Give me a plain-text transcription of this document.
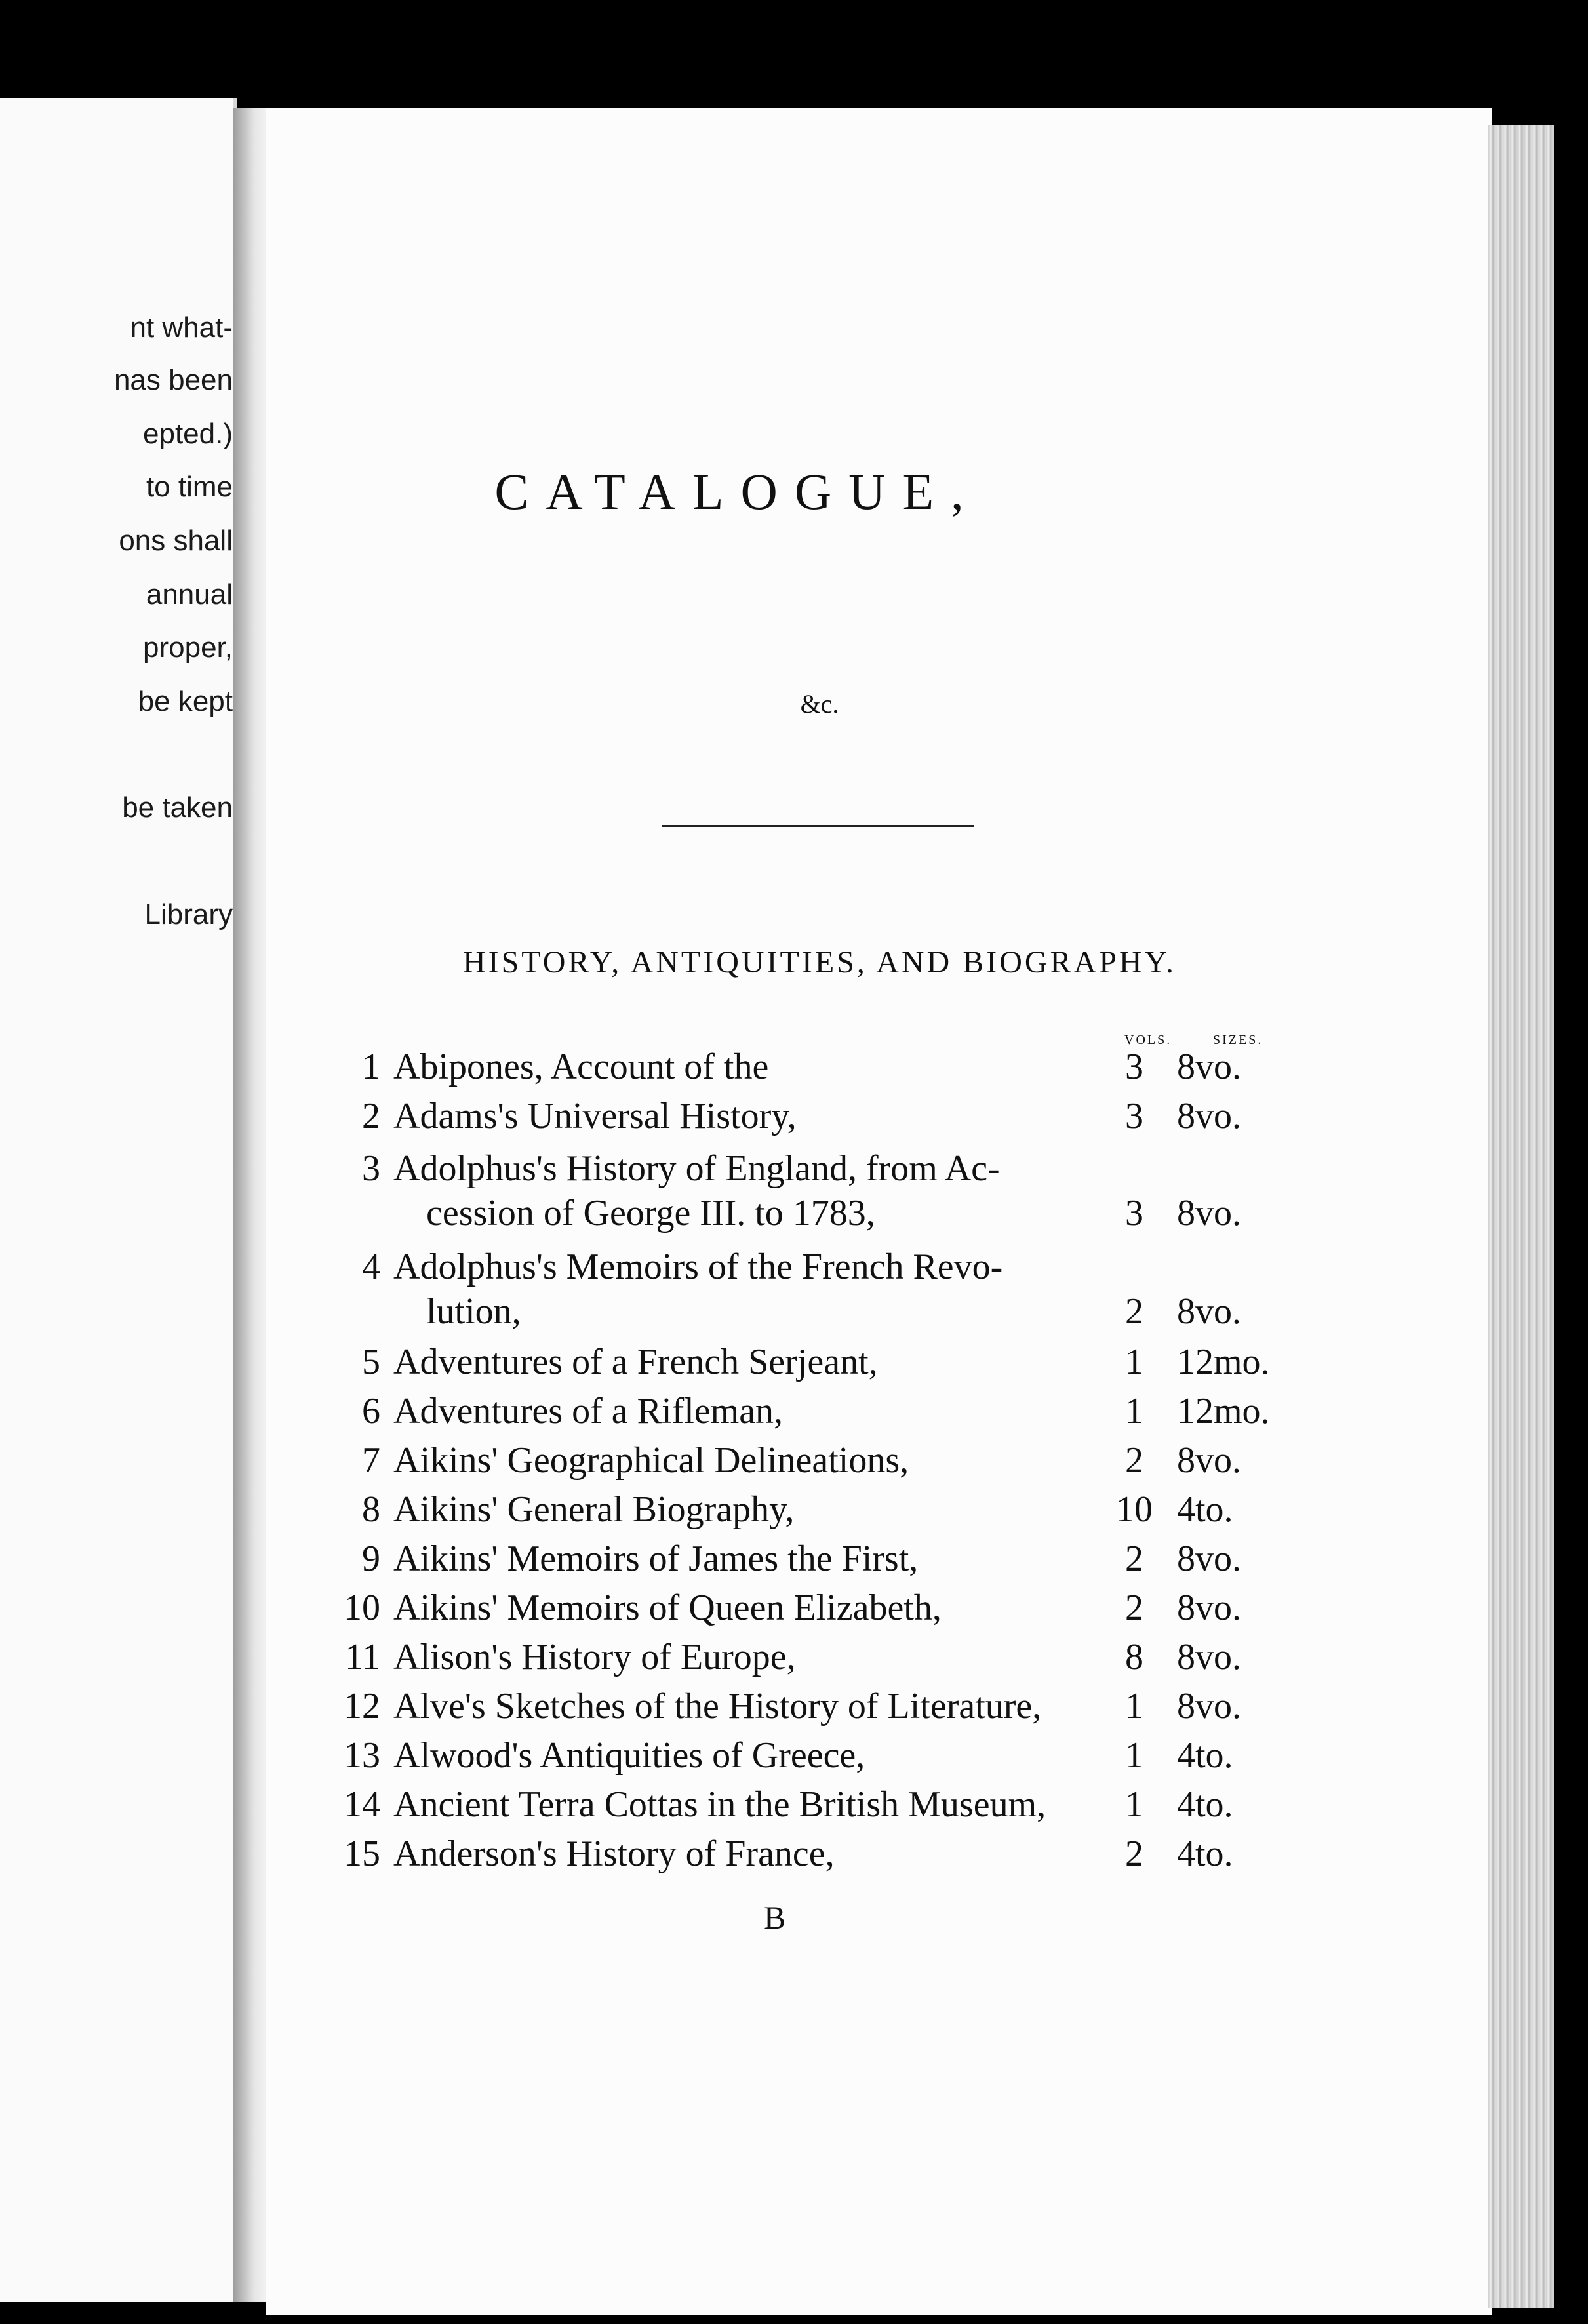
nt what-

nas been

epted.)

to time

ons shall

annual

proper,

be kept

be taken

Library

CATALOGUE,
&c.
HISTORY, ANTIQUITIES, AND BIOGRAPHY.
VOLS.	SIZES.
1 Abipones, Account of the	3 8vo.
2 Adams's Universal History,	3 8vo.
3 Adolphus's History of England, from Ac-
cession of George III. to 1783,	3 8vo.
4 Adolphus's Memoirs of the French Revo-
lution,	2 8vo.
5 Adventures of a French Serjeant,	1 12mo.
6 Adventures of a Rifleman,	1 12mo.
7 Aikins' Geographical Delineations,	2 8vo.
8 Aikins' General Biography,	10 4to.
9 Aikins' Memoirs of James the First,	2 8vo.
10 Aikins' Memoirs of Queen Elizabeth,	2 8vo.
11 Alison's History of Europe,	8 8vo.
12 Alve's Sketches of the History of Literature,	1 8vo.
13 Alwood's Antiquities of Greece,	1 4to.
14 Ancient Terra Cottas in the British Museum,	1 4to.
15 Anderson's History of France,	2 4to.
B
